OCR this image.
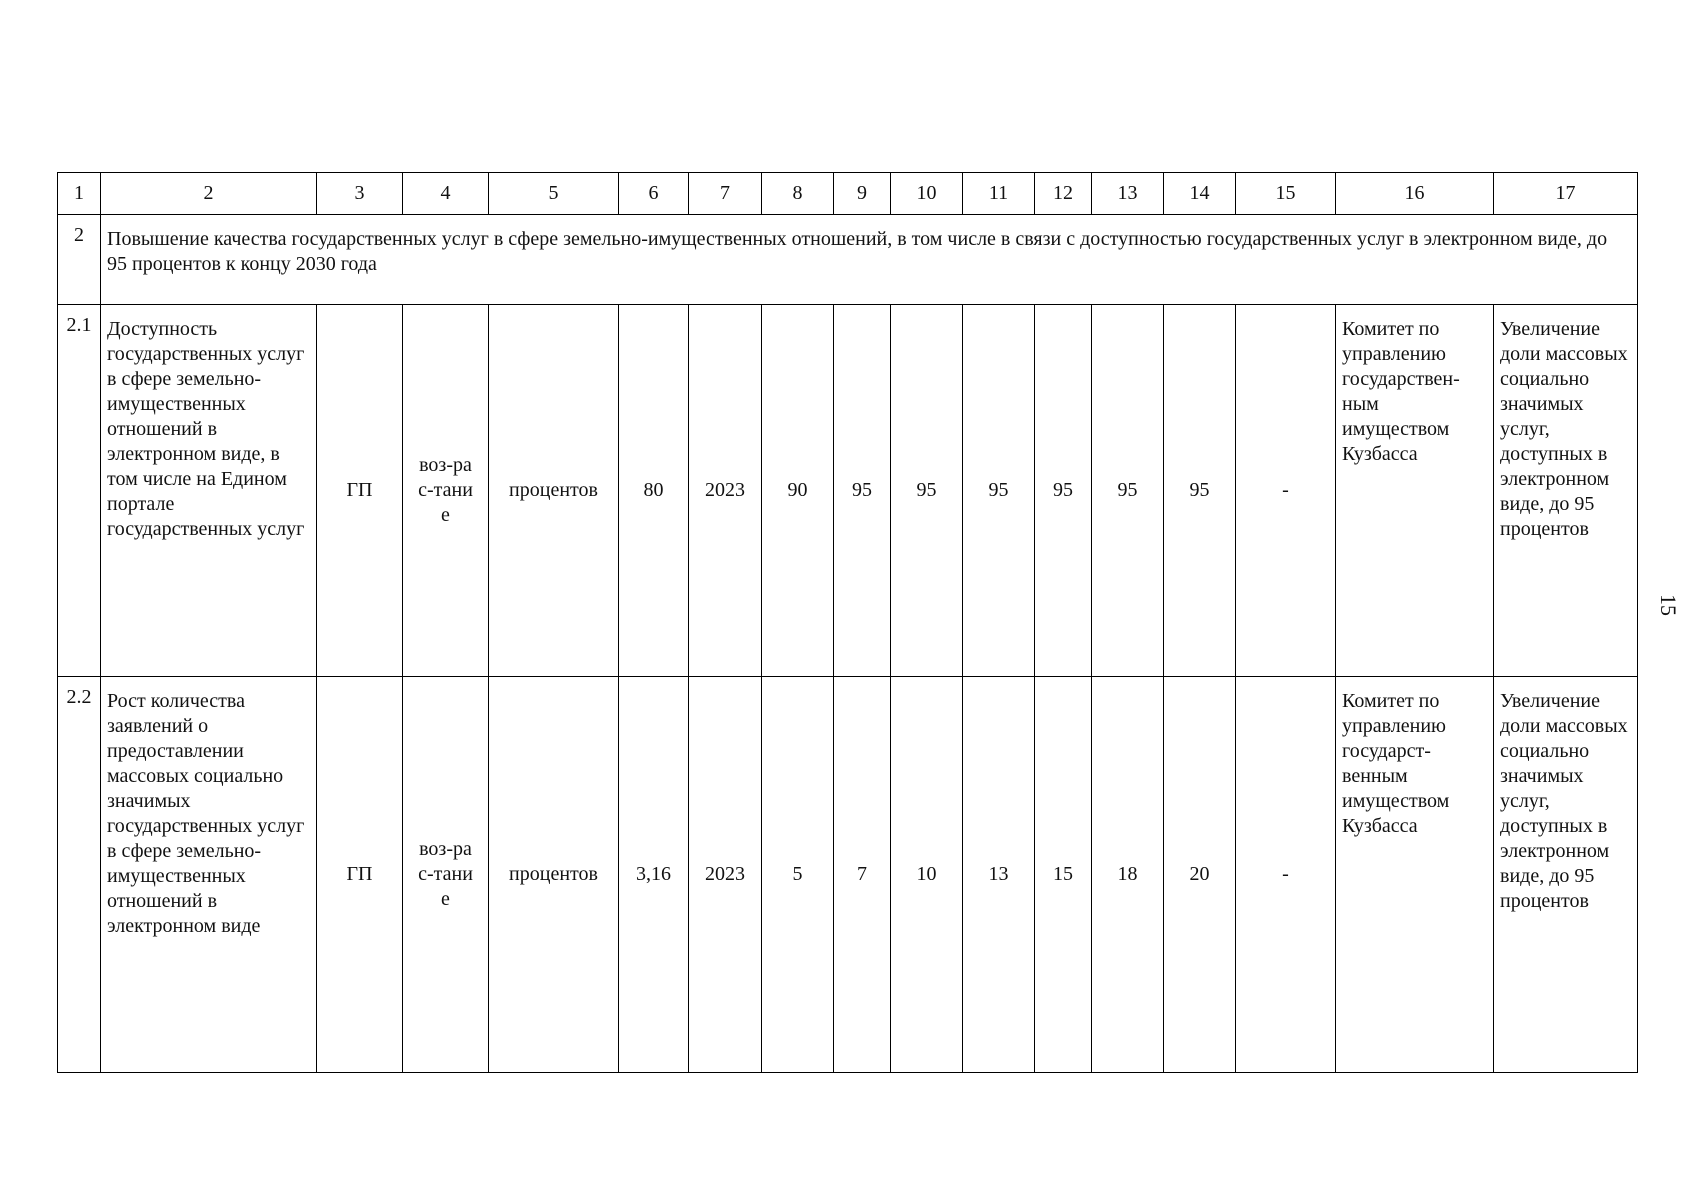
1	2	3	4	5	6	7	8	9	10	11	12	13	14	15	16	17
2	Повышение качества государственных услуг в сфере земельно-имущественных отношений, в том числе в связи с доступностью государственных услуг в электронном виде, до 95 процентов к концу 2030 года															
2.1	Доступность государственных услуг в сфере земельно-имущественных отношений в электронном виде, в том числе на Едином портале государственных услуг	ГП	воз-рас-тание	процентов	80	2023	90	95	95	95	95	95	95	-	Комитет по управлению государствен-ным имуществом Кузбасса	Увеличение доли массовых социально значимых услуг, доступных в электронном виде, до 95 процентов
2.2	Рост количества заявлений о предоставлении массовых социально значимых государственных услуг в сфере земельно-имущественных отношений в электронном виде	ГП	воз-рас-тание	процентов	3,16	2023	5	7	10	13	15	18	20	-	Комитет по управлению государст-венным имуществом Кузбасса	Увеличение доли массовых социально значимых услуг, доступных в электронном виде, до 95 процентов
15
